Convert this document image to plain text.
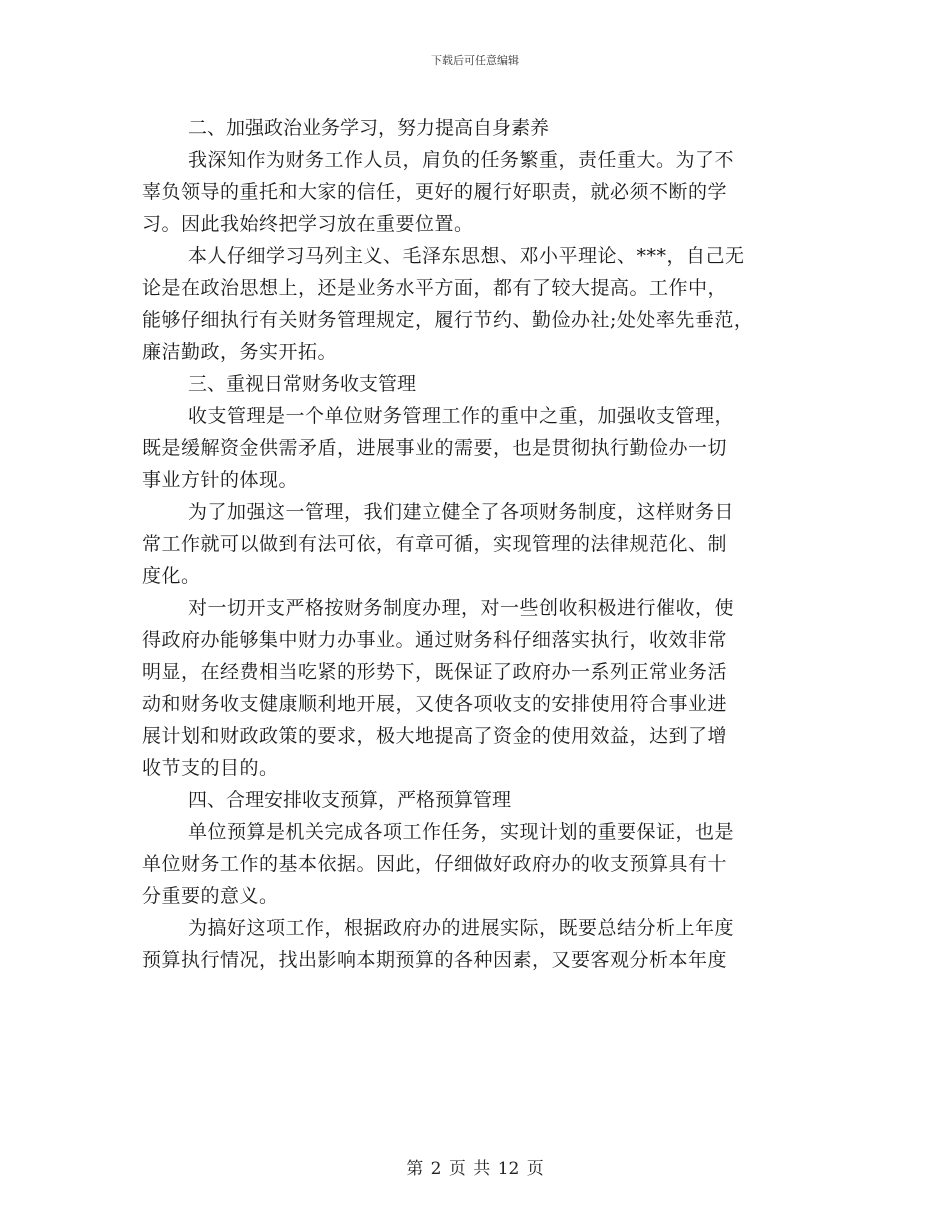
下载后可任意编辑
二、加强政治业务学习，努力提高自身素养
我深知作为财务工作人员，肩负的任务繁重，责任重大。为了不
辜负领导的重托和大家的信任，更好的履行好职责，就必须不断的学
习。因此我始终把学习放在重要位置。
本人仔细学习马列主义、毛泽东思想、邓小平理论、***，自己无
论是在政治思想上，还是业务水平方面，都有了较大提高。工作中，
能够仔细执行有关财务管理规定，履行节约、勤俭办社;处处率先垂范，
廉洁勤政，务实开拓。
三、重视日常财务收支管理
收支管理是一个单位财务管理工作的重中之重，加强收支管理，
既是缓解资金供需矛盾，进展事业的需要，也是贯彻执行勤俭办一切
事业方针的体现。
为了加强这一管理，我们建立健全了各项财务制度，这样财务日
常工作就可以做到有法可依，有章可循，实现管理的法律规范化、制
度化。
对一切开支严格按财务制度办理，对一些创收积极进行催收，使
得政府办能够集中财力办事业。通过财务科仔细落实执行，收效非常
明显，在经费相当吃紧的形势下，既保证了政府办一系列正常业务活
动和财务收支健康顺利地开展，又使各项收支的安排使用符合事业进
展计划和财政政策的要求，极大地提高了资金的使用效益，达到了增
收节支的目的。
四、合理安排收支预算，严格预算管理
单位预算是机关完成各项工作任务，实现计划的重要保证，也是
单位财务工作的基本依据。因此，仔细做好政府办的收支预算具有十
分重要的意义。
为搞好这项工作，根据政府办的进展实际，既要总结分析上年度
预算执行情况，找出影响本期预算的各种因素，又要客观分析本年度
第 2 页 共 12 页
